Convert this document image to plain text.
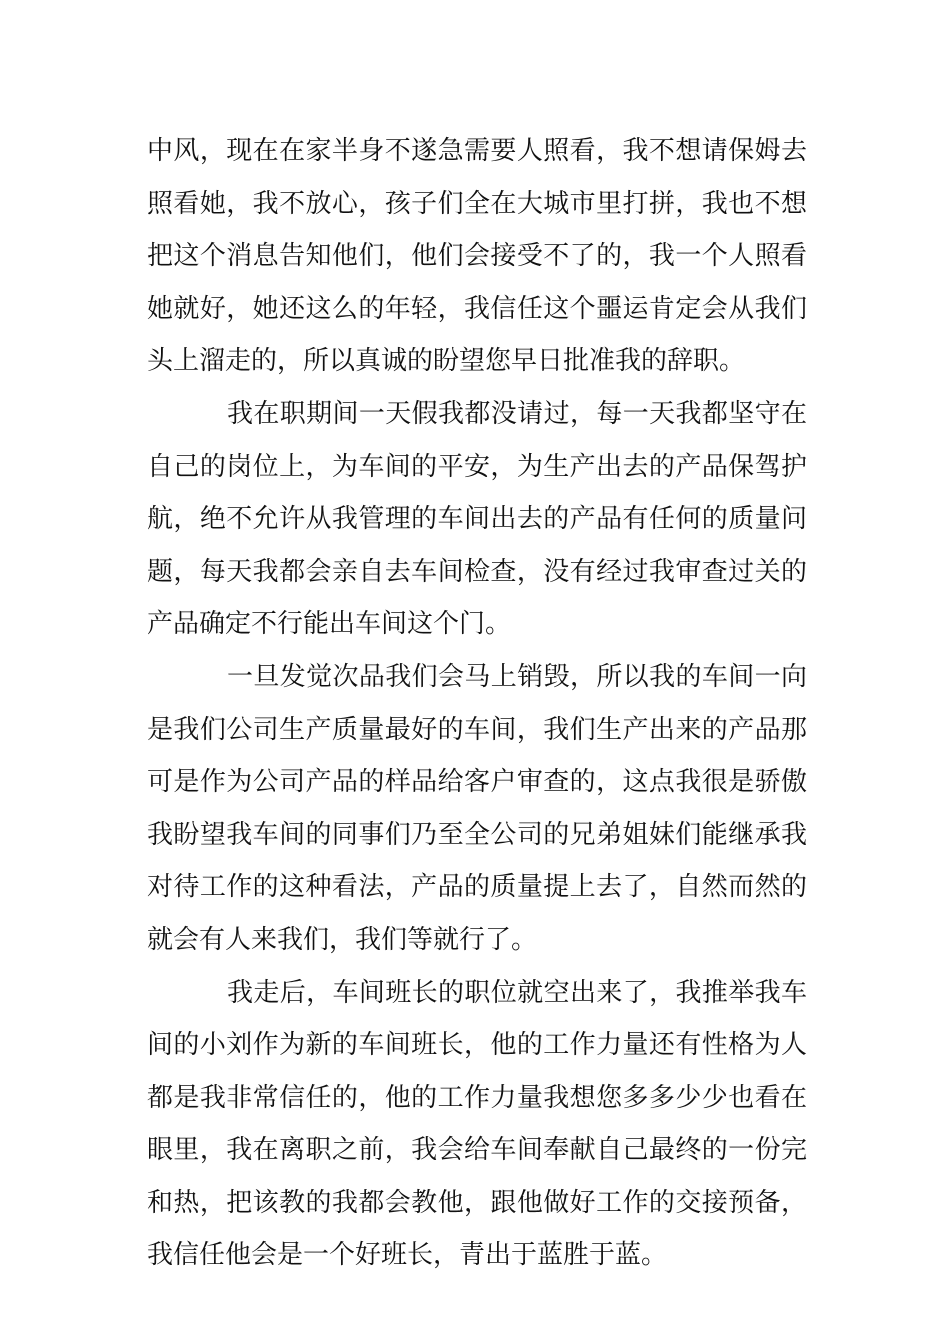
中风，现在在家半身不遂急需要人照看，我不想请保姆去
照看她，我不放心，孩子们全在大城市里打拼，我也不想
把这个消息告知他们，他们会接受不了的，我一个人照看
她就好，她还这么的年轻，我信任这个噩运肯定会从我们
头上溜走的，所以真诚的盼望您早日批准我的辞职。
我在职期间一天假我都没请过，每一天我都坚守在
自己的岗位上，为车间的平安，为生产出去的产品保驾护
航，绝不允许从我管理的车间出去的产品有任何的质量问
题，每天我都会亲自去车间检查，没有经过我审查过关的
产品确定不行能出车间这个门。
一旦发觉次品我们会马上销毁，所以我的车间一向
是我们公司生产质量最好的车间，我们生产出来的产品那
可是作为公司产品的样品给客户审查的，这点我很是骄傲
我盼望我车间的同事们乃至全公司的兄弟姐妹们能继承我
对待工作的这种看法，产品的质量提上去了，自然而然的
就会有人来我们，我们等就行了。
我走后，车间班长的职位就空出来了，我推举我车
间的小刘作为新的车间班长，他的工作力量还有性格为人
都是我非常信任的，他的工作力量我想您多多少少也看在
眼里，我在离职之前，我会给车间奉献自己最终的一份完
和热，把该教的我都会教他，跟他做好工作的交接预备，
我信任他会是一个好班长，青出于蓝胜于蓝。
